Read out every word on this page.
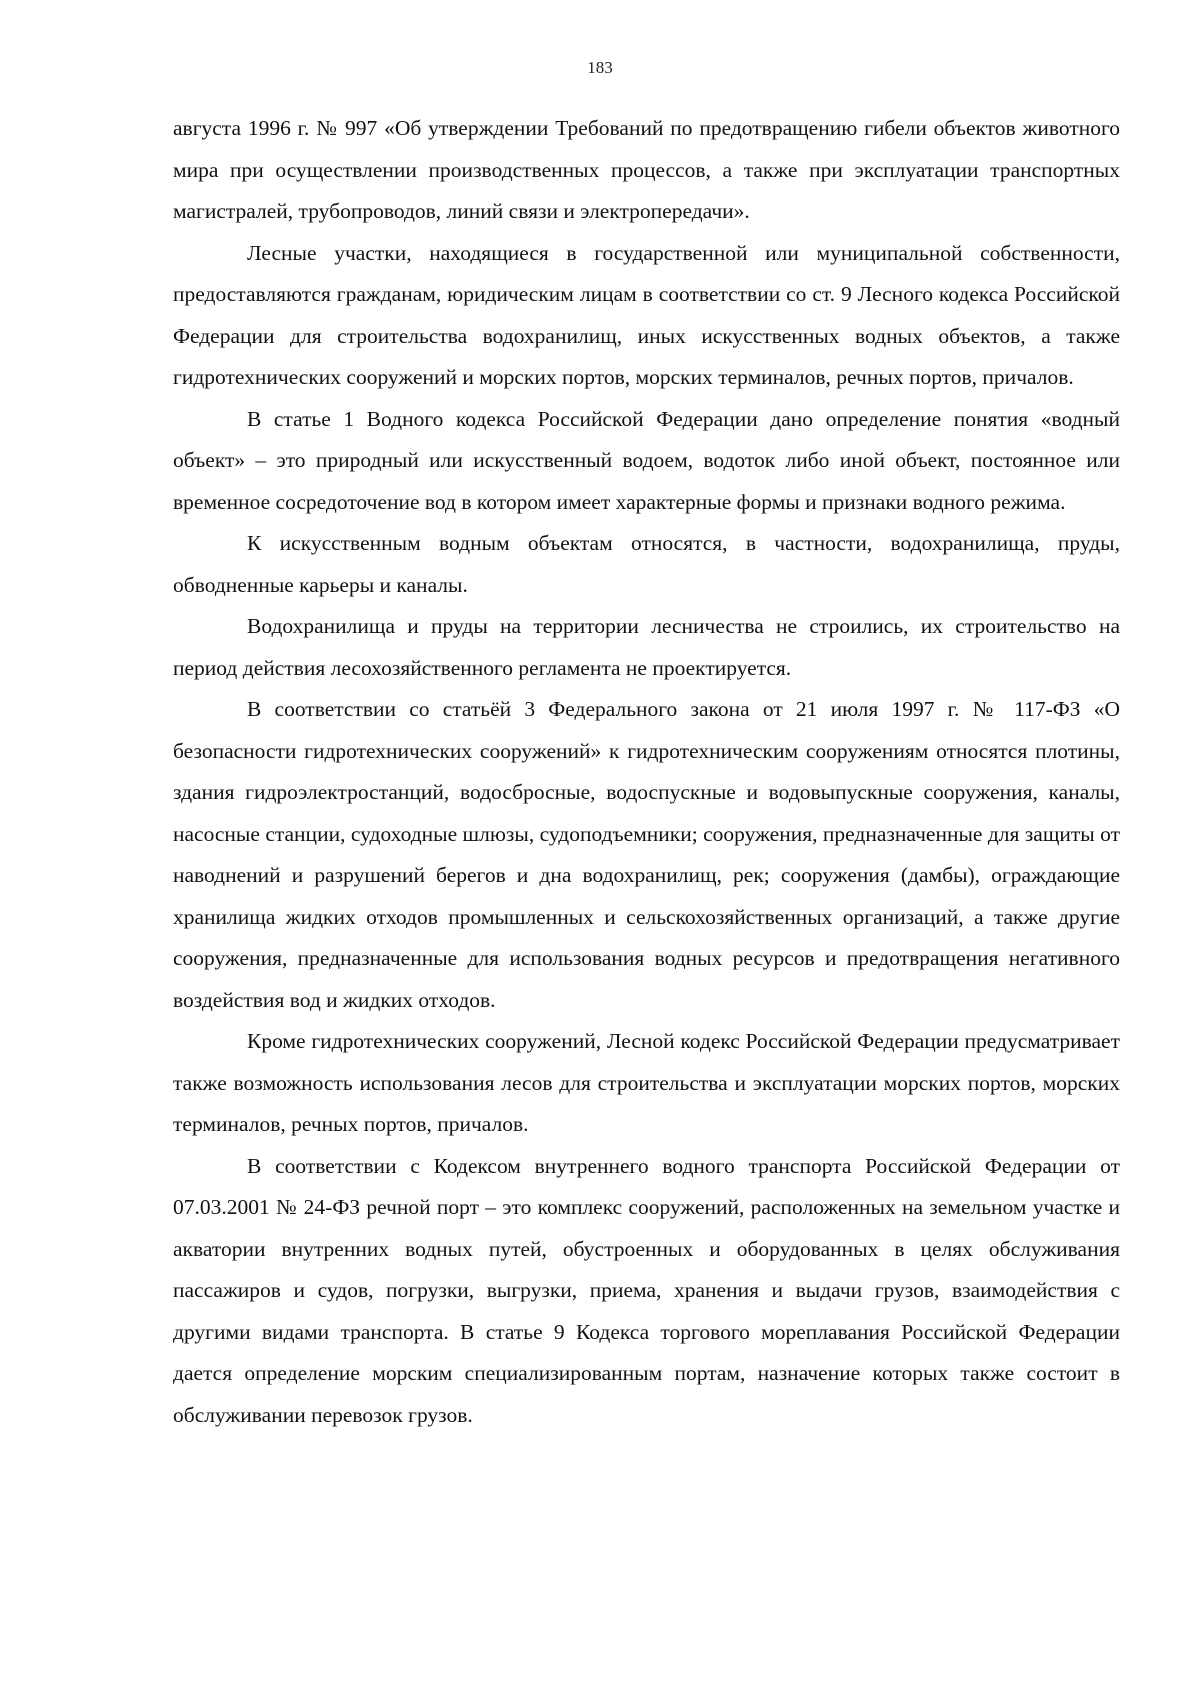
183

августа 1996 г. № 997 «Об утверждении Требований по предотвращению гибели объектов животного мира при осуществлении производственных процессов, а также при эксплуатации транспортных магистралей, трубопроводов, линий связи и электропередачи».

Лесные участки, находящиеся в государственной или муниципальной собственности, предоставляются гражданам, юридическим лицам в соответствии со ст. 9 Лесного кодекса Российской Федерации для строительства водохранилищ, иных искусственных водных объектов, а также гидротехнических сооружений и морских портов, морских терминалов, речных портов, причалов.

В статье 1 Водного кодекса Российской Федерации дано определение понятия «водный объект» – это природный или искусственный водоем, водоток либо иной объект, постоянное или временное сосредоточение вод в котором имеет характерные формы и признаки водного режима.

К искусственным водным объектам относятся, в частности, водохранилища, пруды, обводненные карьеры и каналы.

Водохранилища и пруды на территории лесничества не строились, их строительство на период действия лесохозяйственного регламента не проектируется.

В соответствии со статьёй 3 Федерального закона от 21 июля 1997 г. № 117-ФЗ «О безопасности гидротехнических сооружений» к гидротехническим сооружениям относятся плотины, здания гидроэлектростанций, водосбросные, водоспускные и водовыпускные сооружения, каналы, насосные станции, судоходные шлюзы, судоподъемники; сооружения, предназначенные для защиты от наводнений и разрушений берегов и дна водохранилищ, рек; сооружения (дамбы), ограждающие хранилища жидких отходов промышленных и сельскохозяйственных организаций, а также другие сооружения, предназначенные для использования водных ресурсов и предотвращения негативного воздействия вод и жидких отходов.

Кроме гидротехнических сооружений, Лесной кодекс Российской Федерации предусматривает также возможность использования лесов для строительства и эксплуатации морских портов, морских терминалов, речных портов, причалов.

В соответствии с Кодексом внутреннего водного транспорта Российской Федерации от 07.03.2001 № 24-ФЗ речной порт – это комплекс сооружений, расположенных на земельном участке и акватории внутренних водных путей, обустроенных и оборудованных в целях обслуживания пассажиров и судов, погрузки, выгрузки, приема, хранения и выдачи грузов, взаимодействия с другими видами транспорта. В статье 9 Кодекса торгового мореплавания Российской Федерации дается определение морским специализированным портам, назначение которых также состоит в обслуживании перевозок грузов.
